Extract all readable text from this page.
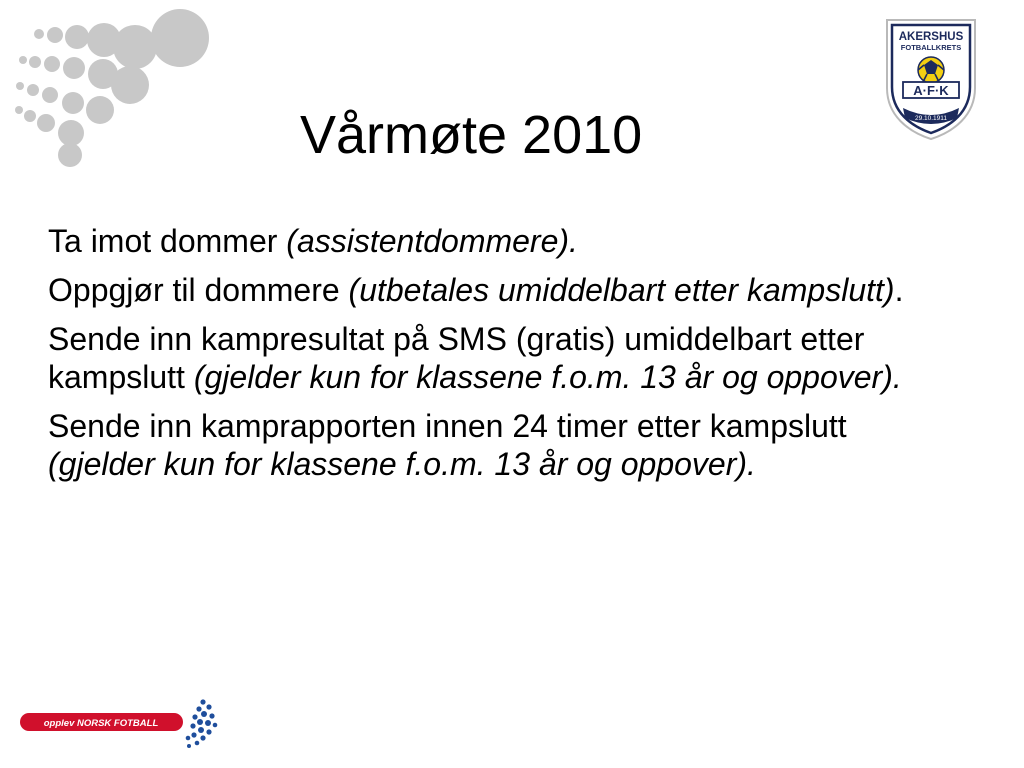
Vårmøte 2010
AKERSHUS
FOTBALLKRETS
A·F·K
29.10.1911

Ta imot dommer (assistentdommere).

Oppgjør til dommere (utbetales umiddelbart etter kampslutt).

Sende inn kampresultat på SMS (gratis) umiddelbart etter kampslutt (gjelder kun for klassene f.o.m. 13 år og oppover).

Sende inn kamprapporten innen 24 timer etter kampslutt (gjelder kun for klassene f.o.m. 13 år og oppover).

opplev NORSK FOTBALL
